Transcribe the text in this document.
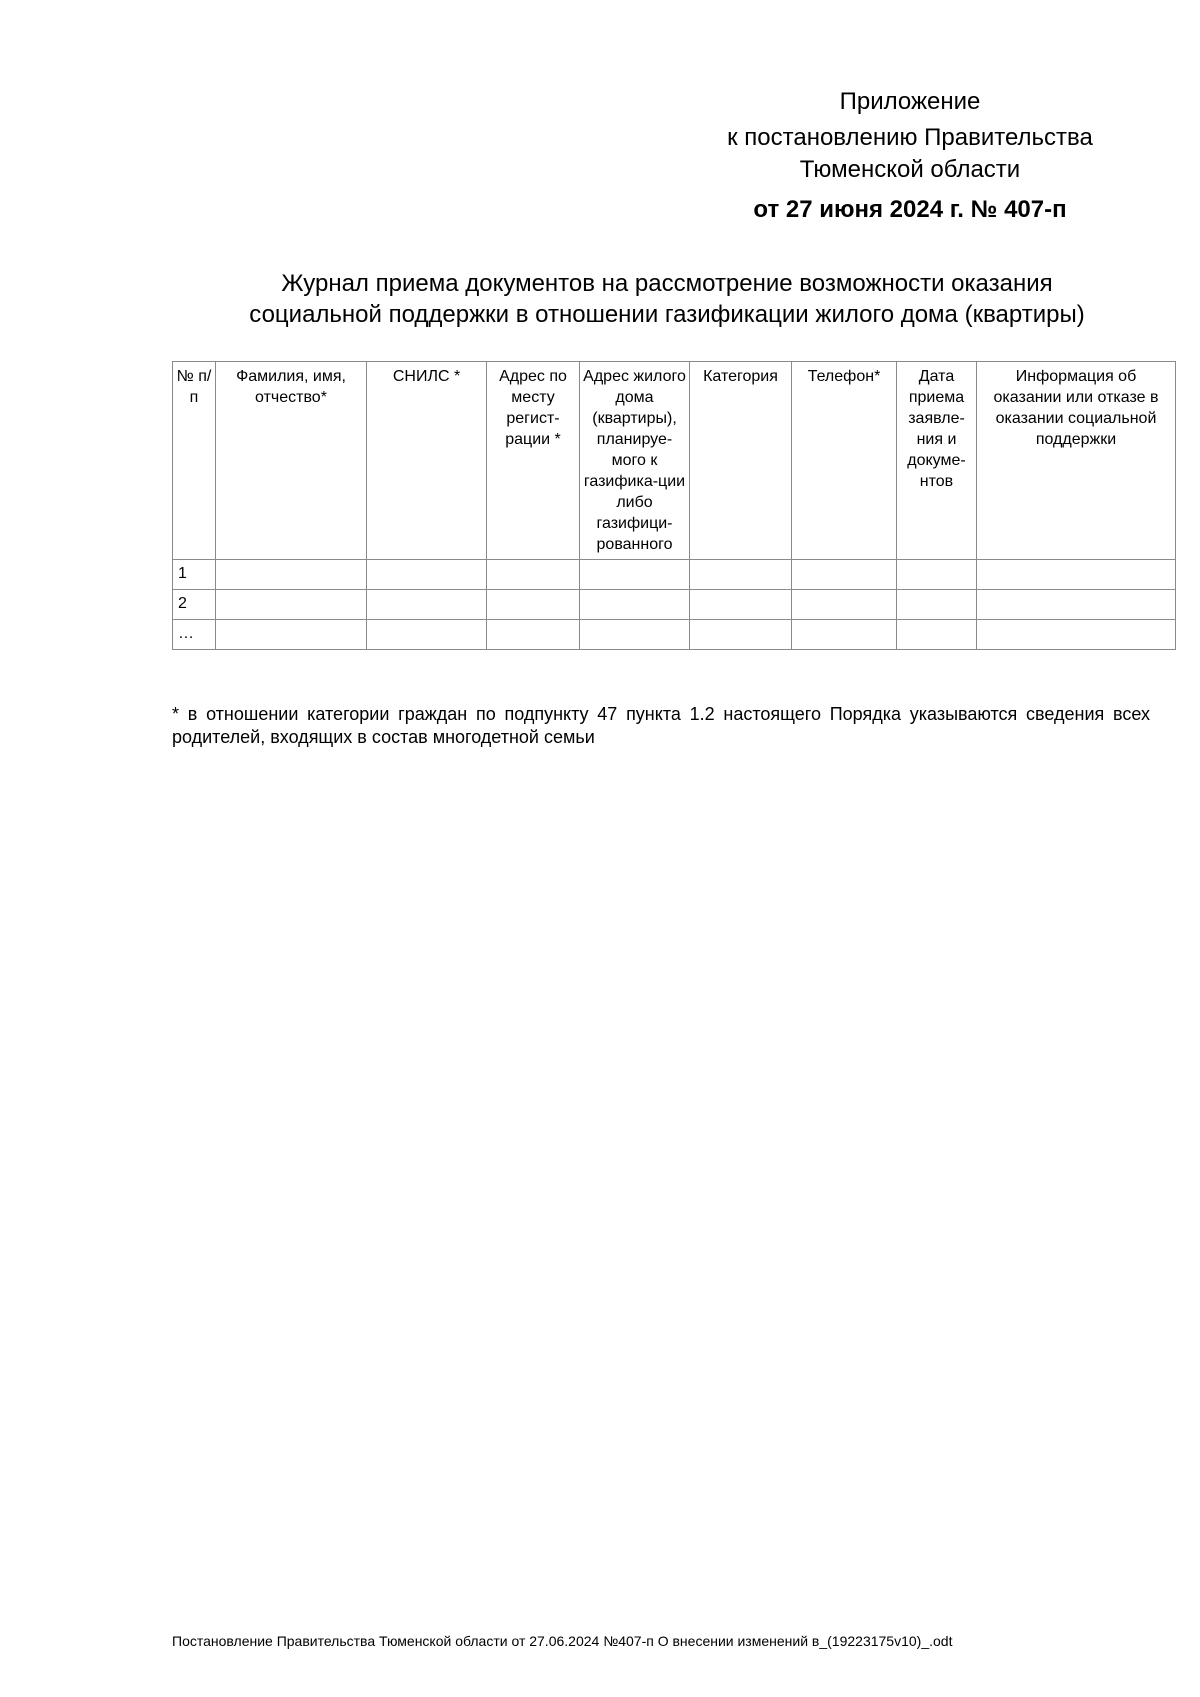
Приложение
к постановлению Правительства
Тюменской области
от 27 июня 2024 г. № 407-п
Журнал приема документов на рассмотрение возможности оказания
социальной поддержки в отношении газификации жилого дома (квартиры)
№ п/п	Фамилия, имя, отчество*	СНИЛС *	Адрес по месту регист-рации *	Адрес жилого дома (квартиры), планируе-мого к газифика-ции либо газифици-рованного	Категория	Телефон*	Дата приема заявле-ния и докуме-нтов	Информация об оказании или отказе в оказании социальной поддержки
1								
2								
…								
* в отношении категории граждан по подпункту 47 пункта 1.2 настоящего Порядка указываются сведения всех родителей, входящих в состав многодетной семьи
Постановление Правительства Тюменской области от 27.06.2024 №407-п О внесении изменений в_(19223175v10)_.odt
